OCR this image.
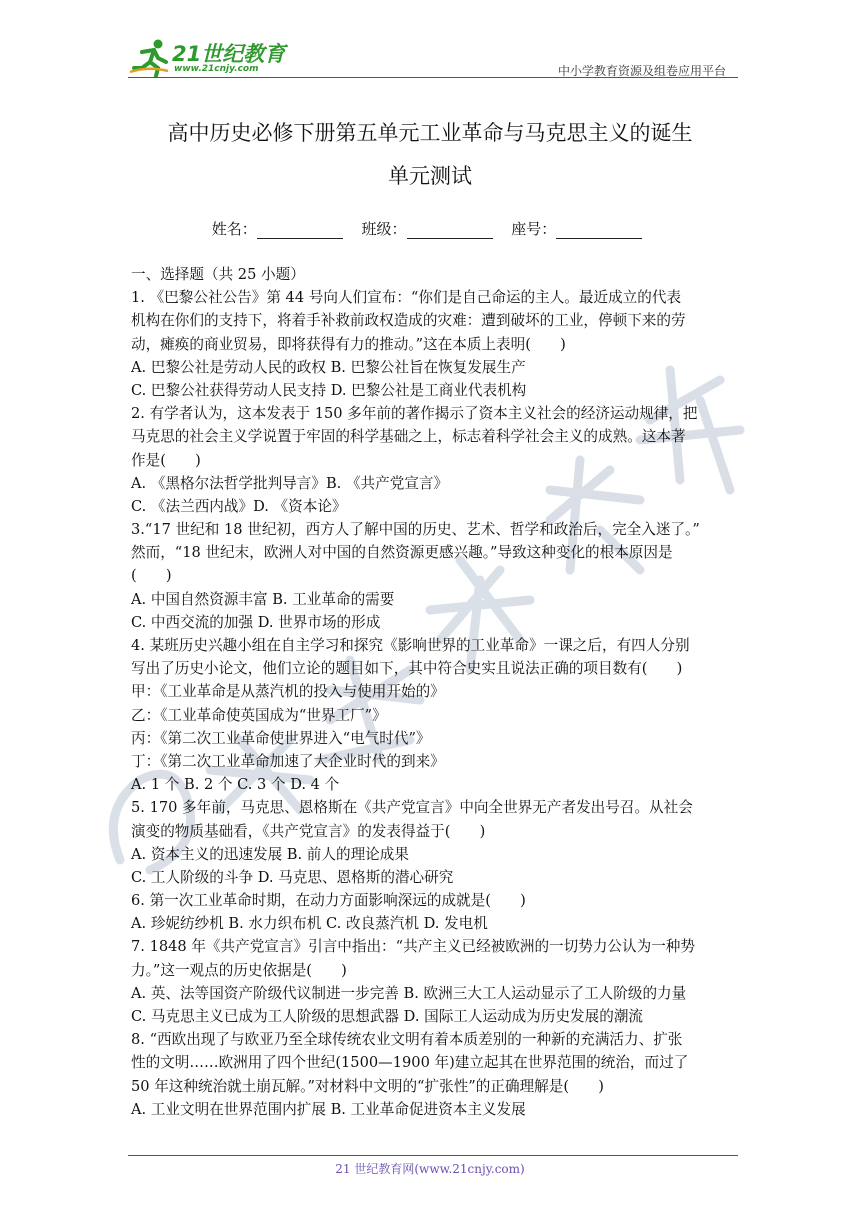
21世纪教育
www.21cnjy.com	中小学教育资源及组卷应用平台
高中历史必修下册第五单元工业革命与马克思主义的诞生
单元测试
姓名：	班级：	座号：
一、选择题（共 25 小题）
1. 《巴黎公社公告》第 44 号向人们宣布：“你们是自己命运的主人。最近成立的代表
机构在你们的支持下，将着手补救前政权造成的灾难：遭到破坏的工业，停顿下来的劳
动，瘫痪的商业贸易，即将获得有力的推动。”这在本质上表明(　　)
A. 巴黎公社是劳动人民的政权 B. 巴黎公社旨在恢复发展生产
C. 巴黎公社获得劳动人民支持 D. 巴黎公社是工商业代表机构
2. 有学者认为，这本发表于 150 多年前的著作揭示了资本主义社会的经济运动规律，把
马克思的社会主义学说置于牢固的科学基础之上，标志着科学社会主义的成熟。这本著
作是(　　)
A. 《黑格尔法哲学批判导言》B. 《共产党宣言》
C. 《法兰西内战》D. 《资本论》
3.“17 世纪和 18 世纪初，西方人了解中国的历史、艺术、哲学和政治后，完全入迷了。”
然而，“18 世纪末，欧洲人对中国的自然资源更感兴趣。”导致这种变化的根本原因是
(　　)
A. 中国自然资源丰富 B. 工业革命的需要
C. 中西交流的加强 D. 世界市场的形成
4. 某班历史兴趣小组在自主学习和探究《影响世界的工业革命》一课之后，有四人分别
写出了历史小论文，他们立论的题目如下，其中符合史实且说法正确的项目数有(　　)
甲：《工业革命是从蒸汽机的投入与使用开始的》
乙：《工业革命使英国成为“世界工厂”》
丙：《第二次工业革命使世界进入“电气时代”》
丁：《第二次工业革命加速了大企业时代的到来》
A. 1 个 B. 2 个 C. 3 个 D. 4 个
5. 170 多年前，马克思、恩格斯在《共产党宣言》中向全世界无产者发出号召。从社会
演变的物质基础看，《共产党宣言》的发表得益于(　　)
A. 资本主义的迅速发展 B. 前人的理论成果
C. 工人阶级的斗争 D. 马克思、恩格斯的潜心研究
6. 第一次工业革命时期，在动力方面影响深远的成就是(　　)
A. 珍妮纺纱机 B. 水力织布机 C. 改良蒸汽机 D. 发电机
7. 1848 年《共产党宣言》引言中指出：“共产主义已经被欧洲的一切势力公认为一种势
力。”这一观点的历史依据是(　　)
A. 英、法等国资产阶级代议制进一步完善 B. 欧洲三大工人运动显示了工人阶级的力量
C. 马克思主义已成为工人阶级的思想武器 D. 国际工人运动成为历史发展的潮流
8. “西欧出现了与欧亚乃至全球传统农业文明有着本质差别的一种新的充满活力、扩张
性的文明……欧洲用了四个世纪(1500—1900 年)建立起其在世界范围的统治，而过了
50 年这种统治就土崩瓦解。”对材料中文明的“扩张性”的正确理解是(　　)
A. 工业文明在世界范围内扩展 B. 工业革命促进资本主义发展
21 世纪教育网(www.21cnjy.com)
